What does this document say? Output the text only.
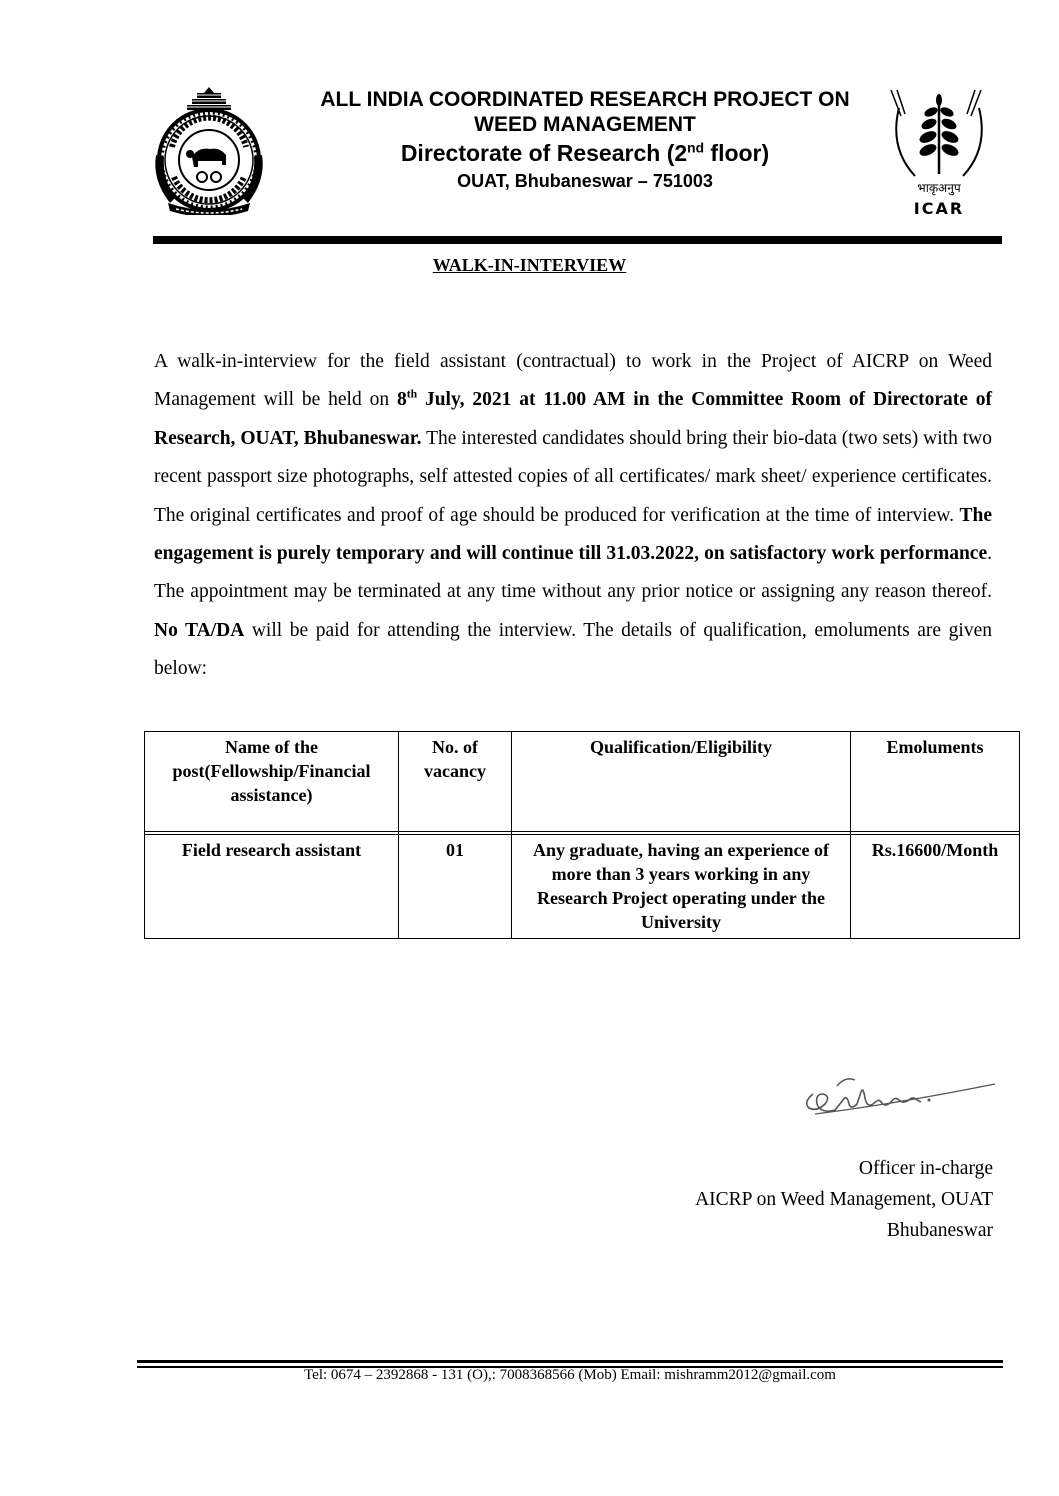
ALL INDIA COORDINATED RESEARCH PROJECT ON
WEED MANAGEMENT
Directorate of Research (2nd floor)
OUAT, Bhubaneswar – 751003	भाकृअनुप
ICAR
WALK-IN-INTERVIEW
A walk-in-interview for the field assistant (contractual) to work in the Project of AICRP on Weed Management will be held on 8th July, 2021 at 11.00 AM in the Committee Room of Directorate of Research, OUAT, Bhubaneswar. The interested candidates should bring their bio-data (two sets) with two recent passport size photographs, self attested copies of all certificates/ mark sheet/ experience certificates. The original certificates and proof of age should be produced for verification at the time of interview. The engagement is purely temporary and will continue till 31.03.2022, on satisfactory work performance. The appointment may be terminated at any time without any prior notice or assigning any reason thereof. No TA/DA will be paid for attending the interview. The details of qualification, emoluments are given below:
Name of the post(Fellowship/Financial assistance)	No. of vacancy	Qualification/Eligibility	Emoluments

Field research assistant	01	Any graduate, having an experience of more than 3 years working in any Research Project operating under the University	Rs.16600/Month
Officer in-charge
AICRP on Weed Management, OUAT
Bhubaneswar
Tel: 0674 – 2392868 - 131 (O),: 7008368566 (Mob) Email: mishramm2012@gmail.com
